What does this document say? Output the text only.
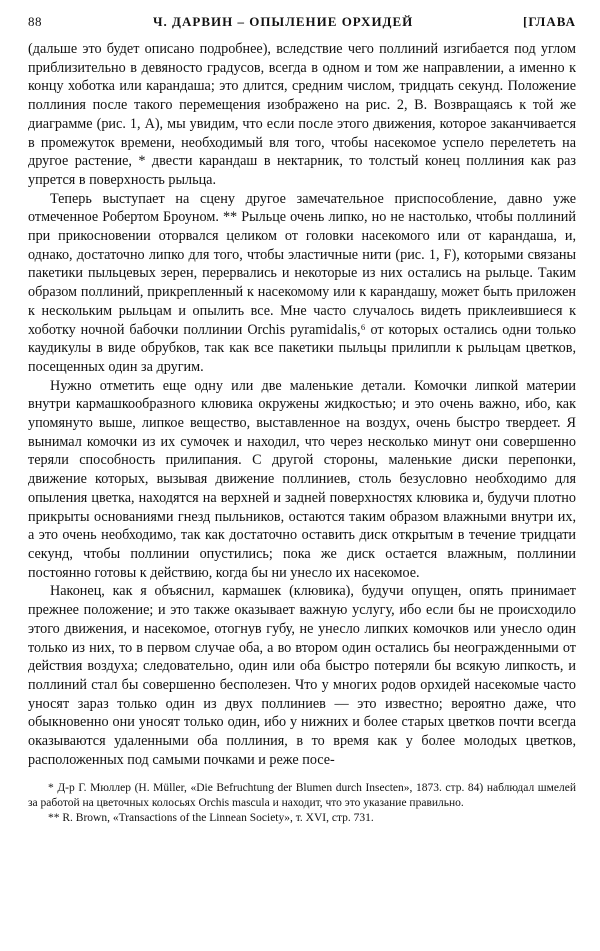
88	Ч. ДАРВИН – ОПЫЛЕНИЕ ОРХИДЕЙ	[ГЛАВА

(дальше это будет описано подробнее), вследствие чего поллиний изгибается под углом приблизительно в девяносто градусов, всегда в одном и том же направлении, а именно к концу хоботка или карандаша; это длится, средним числом, тридцать секунд. Положение поллиния после такого перемещения изображено на рис. 2, B. Возвращаясь к той же диаграмме (рис. 1, A), мы увидим, что если после этого движения, которое заканчивается в промежуток времени, необходимый вля того, чтобы насекомое успело перелететь на другое растение, * двести карандаш в нектарник, то толстый конец поллиния как раз упрется в поверхность рыльца.

Теперь выступает на сцену другое замечательное приспособление, давно уже отмеченное Робертом Броуном. ** Рыльце очень липко, но не настолько, чтобы поллиний при прикосновении оторвался целиком от головки насекомого или от карандаша, и, однако, достаточно липко для того, чтобы эластичные нити (рис. 1, F), которыми связаны пакетики пыльцевых зерен, перервались и некоторые из них остались на рыльце. Таким образом поллиний, прикрепленный к насекомому или к карандашу, может быть приложен к нескольким рыльцам и опылить все. Мне часто случалось видеть приклеившиеся к хоботку ночной бабочки поллинии Orchis pyramidalis,⁶ от которых остались одни только каудикулы в виде обрубков, так как все пакетики пыльцы прилипли к рыльцам цветков, посещенных один за другим.

Нужно отметить еще одну или две маленькие детали. Комочки липкой материи внутри кармашкообразного клювика окружены жидкостью; и это очень важно, ибо, как упомянуто выше, липкое вещество, выставленное на воздух, очень быстро твердеет. Я вынимал комочки из их сумочек и находил, что через несколько минут они совершенно теряли способность прилипания. С другой стороны, маленькие диски перепонки, движение которых, вызывая движение поллиниев, столь безусловно необходимо для опыления цветка, находятся на верхней и задней поверхностях клювика и, будучи плотно прикрыты основаниями гнезд пыльников, остаются таким образом влажными внутри их, а это очень необходимо, так как достаточно оставить диск открытым в течение тридцати секунд, чтобы поллинии опустились; пока же диск остается влажным, поллинии постоянно готовы к действию, когда бы ни унесло их насекомое.

Наконец, как я объяснил, кармашек (клювика), будучи опущен, опять принимает прежнее положение; и это также оказывает важную услугу, ибо если бы не происходило этого движения, и насекомое, отогнув губу, не унесло липких комочков или унесло один только из них, то в первом случае оба, а во втором один остались бы неогражденными от действия воздуха; следовательно, один или оба быстро потеряли бы всякую липкость, и поллиний стал бы совершенно бесполезен. Что у многих родов орхидей насекомые часто уносят зараз только один из двух поллиниев — это известно; вероятно даже, что обыкновенно они уносят только один, ибо у нижних и более старых цветков почти всегда оказываются удаленными оба поллиния, в то время как у более молодых цветков, расположенных под самыми почками и реже посе-

* Д-р Г. Мюллер (H. Müller, «Die Befruchtung der Blumen durch Insecten», 1873. стр. 84) наблюдал шмелей за работой на цветочных колосьях Orchis mascula и находит, что это указание правильно.

** R. Brown, «Transactions of the Linnean Society», т. XVI, стр. 731.
